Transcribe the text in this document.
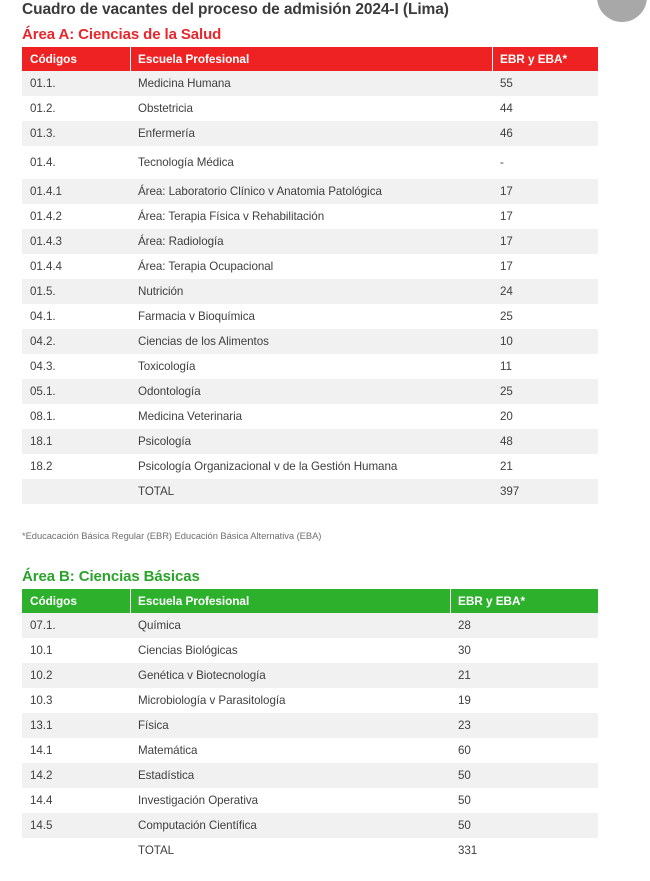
Cuadro de vacantes del proceso de admisión 2024-I (Lima)
Área A: Ciencias de la Salud
Códigos	Escuela Profesional	EBR y EBA*
01.1.	Medicina Humana	55
01.2.	Obstetricia	44
01.3.	Enfermería	46
01.4.	Tecnología Médica	-
01.4.1	Área: Laboratorio Clínico v Anatomia Patológica	17
01.4.2	Área: Terapia Física v Rehabilitación	17
01.4.3	Área: Radiología	17
01.4.4	Área: Terapia Ocupacional	17
01.5.	Nutrición	24
04.1.	Farmacia v Bioquímica	25
04.2.	Ciencias de los Alimentos	10
04.3.	Toxicología	11
05.1.	Odontología	25
08.1.	Medicina Veterinaria	20
18.1	Psicología	48
18.2	Psicología Organizacional v de la Gestión Humana	21
	TOTAL	397
*Educacación Básica Regular (EBR) Educación Básica Alternativa (EBA)
Área B: Ciencias Básicas
Códigos	Escuela Profesional	EBR y EBA*
07.1.	Química	28
10.1	Ciencias Biológicas	30
10.2	Genética v Biotecnología	21
10.3	Microbiología v Parasitología	19
13.1	Física	23
14.1	Matemática	60
14.2	Estadística	50
14.4	Investigación Operativa	50
14.5	Computación Científica	50
	TOTAL	331
